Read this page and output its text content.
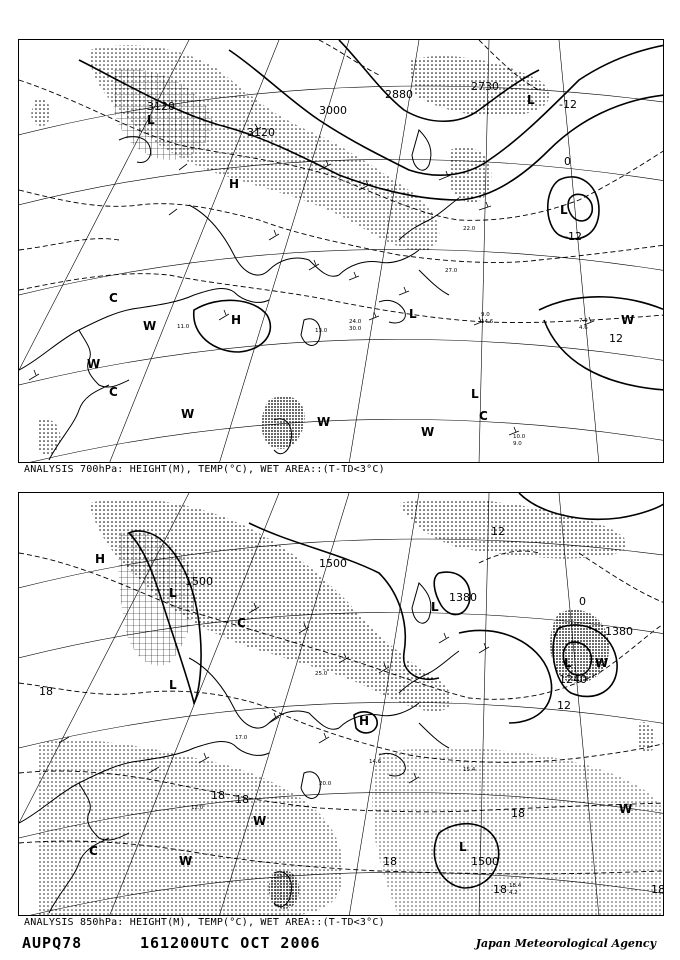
3120
3120
3000
2880
2730
-12
-12
0
12
L
H
H
C
W
W
C
W
W
W
L
L
L
C
W
L
9.0
14.6	7.9
4.6
10.0
9.0
24.0
30.0
27.0
22.0
13.0
11.0
ANALYSIS 700hPa: HEIGHT(M), TEMP(°C), WET AREA::(T-TD<3°C)
1500
1500
1380
1380
1500
1240
18
18 18
18
18
18
0
12
18
12
H
L
C
L
H
L
L
W
C
W
W
L
W
15.4
18.4
4.2
14.6
20.0
12.0
25.0
17.0
ANALYSIS 850hPa: HEIGHT(M), TEMP(°C), WET AREA::(T-TD<3°C)
AUPQ78	161200UTC OCT 2006	Japan Meteorological Agency
